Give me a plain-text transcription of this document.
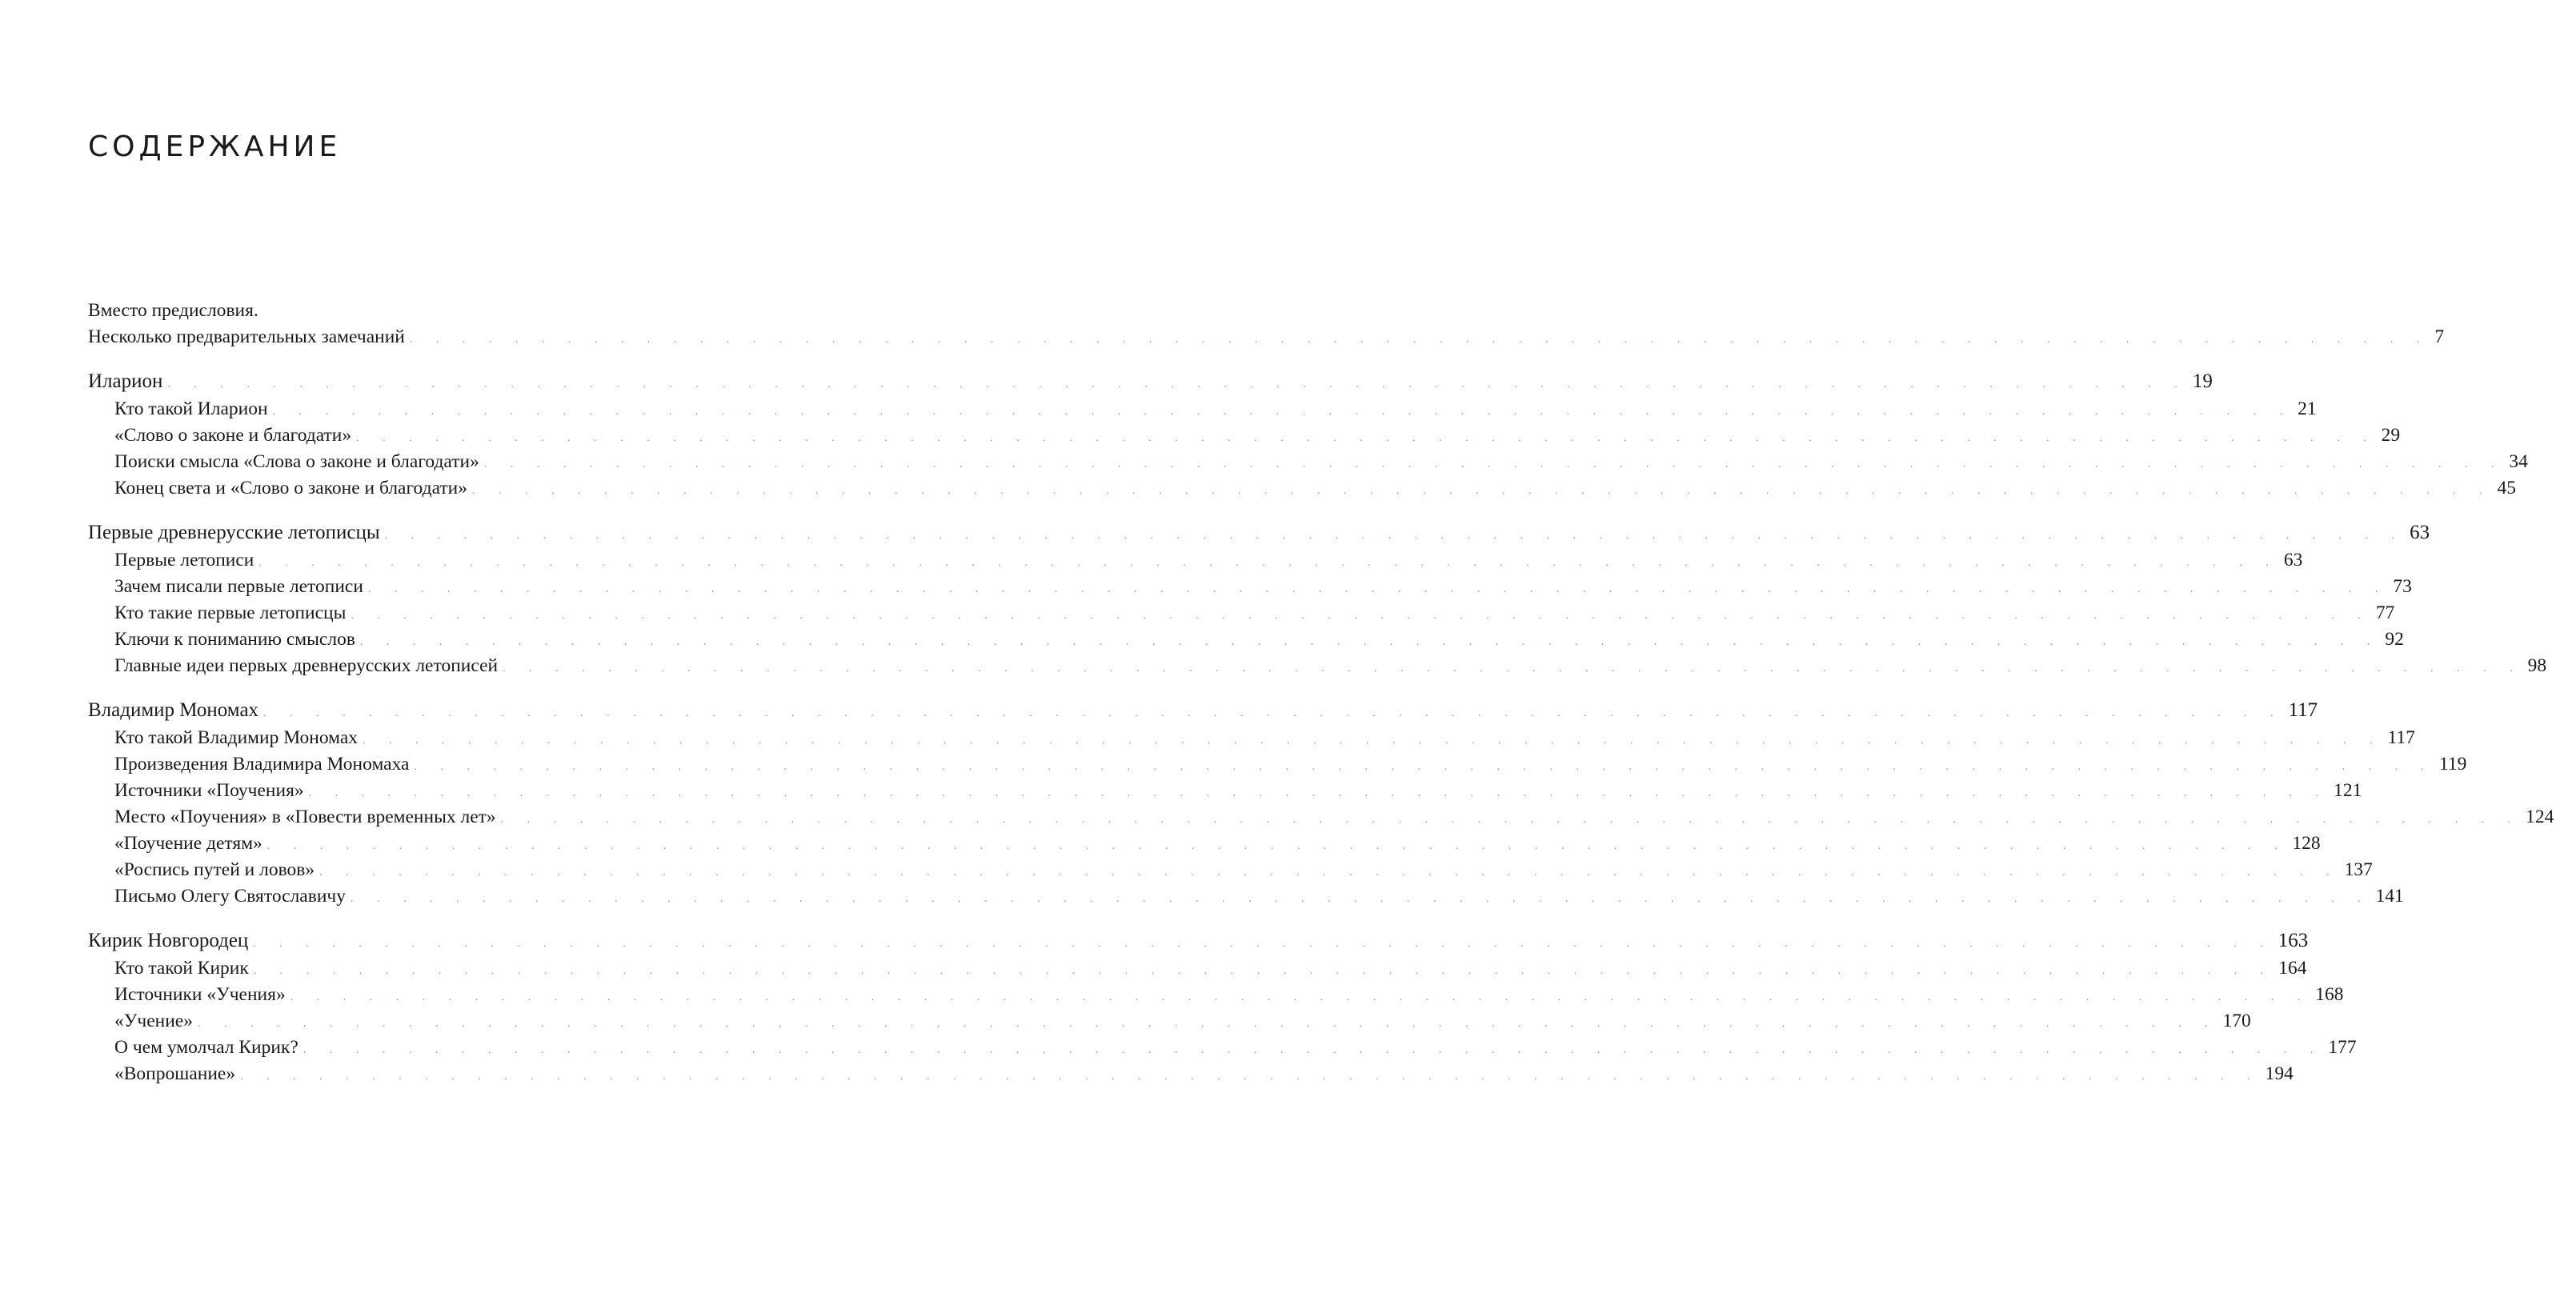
СОДЕРЖАНИЕ
Вместо предисловия.
Несколько предварительных замечаний . . . . . . . . . . . . . . . . . . . . . . . . . . . . . . . . . . . . . . . . . . . . . . . . . . . . . . . . . . . . . . . . . . . . . . . . . . . . . 7
Иларион . . . . . . . . . . . . . . . . . . . . . . . . . . . . . . . . . . . . . . . . . . . . . . . . . . . . . . . . . . . . . . . . . . . . . . . . . . . . . 19
Кто такой Иларион . . . . . . . . . . . . . . . . . . . . . . . . . . . . . . . . . . . . . . . . . . . . . . . . . . . . . . . . . . . . . . . . . . . . . . . . . . . . . 21
«Слово о законе и благодати» . . . . . . . . . . . . . . . . . . . . . . . . . . . . . . . . . . . . . . . . . . . . . . . . . . . . . . . . . . . . . . . . . . . . . . . . . . . . . 29
Поиски смысла «Слова о законе и благодати» . . . . . . . . . . . . . . . . . . . . . . . . . . . . . . . . . . . . . . . . . . . . . . . . . . . . . . . . . . . . . . . . . . . . . . . . . . . . . 34
Конец света и «Слово о законе и благодати» . . . . . . . . . . . . . . . . . . . . . . . . . . . . . . . . . . . . . . . . . . . . . . . . . . . . . . . . . . . . . . . . . . . . . . . . . . . . . 45
Первые древнерусские летописцы . . . . . . . . . . . . . . . . . . . . . . . . . . . . . . . . . . . . . . . . . . . . . . . . . . . . . . . . . . . . . . . . . . . . . . . . . . . . . 63
Первые летописи . . . . . . . . . . . . . . . . . . . . . . . . . . . . . . . . . . . . . . . . . . . . . . . . . . . . . . . . . . . . . . . . . . . . . . . . . . . . . 63
Зачем писали первые летописи . . . . . . . . . . . . . . . . . . . . . . . . . . . . . . . . . . . . . . . . . . . . . . . . . . . . . . . . . . . . . . . . . . . . . . . . . . . . . 73
Кто такие первые летописцы . . . . . . . . . . . . . . . . . . . . . . . . . . . . . . . . . . . . . . . . . . . . . . . . . . . . . . . . . . . . . . . . . . . . . . . . . . . . . 77
Ключи к пониманию смыслов . . . . . . . . . . . . . . . . . . . . . . . . . . . . . . . . . . . . . . . . . . . . . . . . . . . . . . . . . . . . . . . . . . . . . . . . . . . . . 92
Главные идеи первых древнерусских летописей . . . . . . . . . . . . . . . . . . . . . . . . . . . . . . . . . . . . . . . . . . . . . . . . . . . . . . . . . . . . . . . . . . . . . . . . . . . . . 98
Владимир Мономах . . . . . . . . . . . . . . . . . . . . . . . . . . . . . . . . . . . . . . . . . . . . . . . . . . . . . . . . . . . . . . . . . . . . . . . . . . . . . 117
Кто такой Владимир Мономах . . . . . . . . . . . . . . . . . . . . . . . . . . . . . . . . . . . . . . . . . . . . . . . . . . . . . . . . . . . . . . . . . . . . . . . . . . . . . 117
Произведения Владимира Мономаха . . . . . . . . . . . . . . . . . . . . . . . . . . . . . . . . . . . . . . . . . . . . . . . . . . . . . . . . . . . . . . . . . . . . . . . . . . . . . 119
Источники «Поучения» . . . . . . . . . . . . . . . . . . . . . . . . . . . . . . . . . . . . . . . . . . . . . . . . . . . . . . . . . . . . . . . . . . . . . . . . . . . . . 121
Место «Поучения» в «Повести временных лет» . . . . . . . . . . . . . . . . . . . . . . . . . . . . . . . . . . . . . . . . . . . . . . . . . . . . . . . . . . . . . . . . . . . . . . . . . . . . . 124
«Поучение детям» . . . . . . . . . . . . . . . . . . . . . . . . . . . . . . . . . . . . . . . . . . . . . . . . . . . . . . . . . . . . . . . . . . . . . . . . . . . . . 128
«Роспись путей и ловов» . . . . . . . . . . . . . . . . . . . . . . . . . . . . . . . . . . . . . . . . . . . . . . . . . . . . . . . . . . . . . . . . . . . . . . . . . . . . . 137
Письмо Олегу Святославичу . . . . . . . . . . . . . . . . . . . . . . . . . . . . . . . . . . . . . . . . . . . . . . . . . . . . . . . . . . . . . . . . . . . . . . . . . . . . . 141
Кирик Новгородец . . . . . . . . . . . . . . . . . . . . . . . . . . . . . . . . . . . . . . . . . . . . . . . . . . . . . . . . . . . . . . . . . . . . . . . . . . . . . 163
Кто такой Кирик . . . . . . . . . . . . . . . . . . . . . . . . . . . . . . . . . . . . . . . . . . . . . . . . . . . . . . . . . . . . . . . . . . . . . . . . . . . . . 164
Источники «Учения» . . . . . . . . . . . . . . . . . . . . . . . . . . . . . . . . . . . . . . . . . . . . . . . . . . . . . . . . . . . . . . . . . . . . . . . . . . . . . 168
«Учение» . . . . . . . . . . . . . . . . . . . . . . . . . . . . . . . . . . . . . . . . . . . . . . . . . . . . . . . . . . . . . . . . . . . . . . . . . . . . . 170
О чем умолчал Кирик? . . . . . . . . . . . . . . . . . . . . . . . . . . . . . . . . . . . . . . . . . . . . . . . . . . . . . . . . . . . . . . . . . . . . . . . . . . . . . 177
«Вопрошание» . . . . . . . . . . . . . . . . . . . . . . . . . . . . . . . . . . . . . . . . . . . . . . . . . . . . . . . . . . . . . . . . . . . . . . . . . . . . . 194
